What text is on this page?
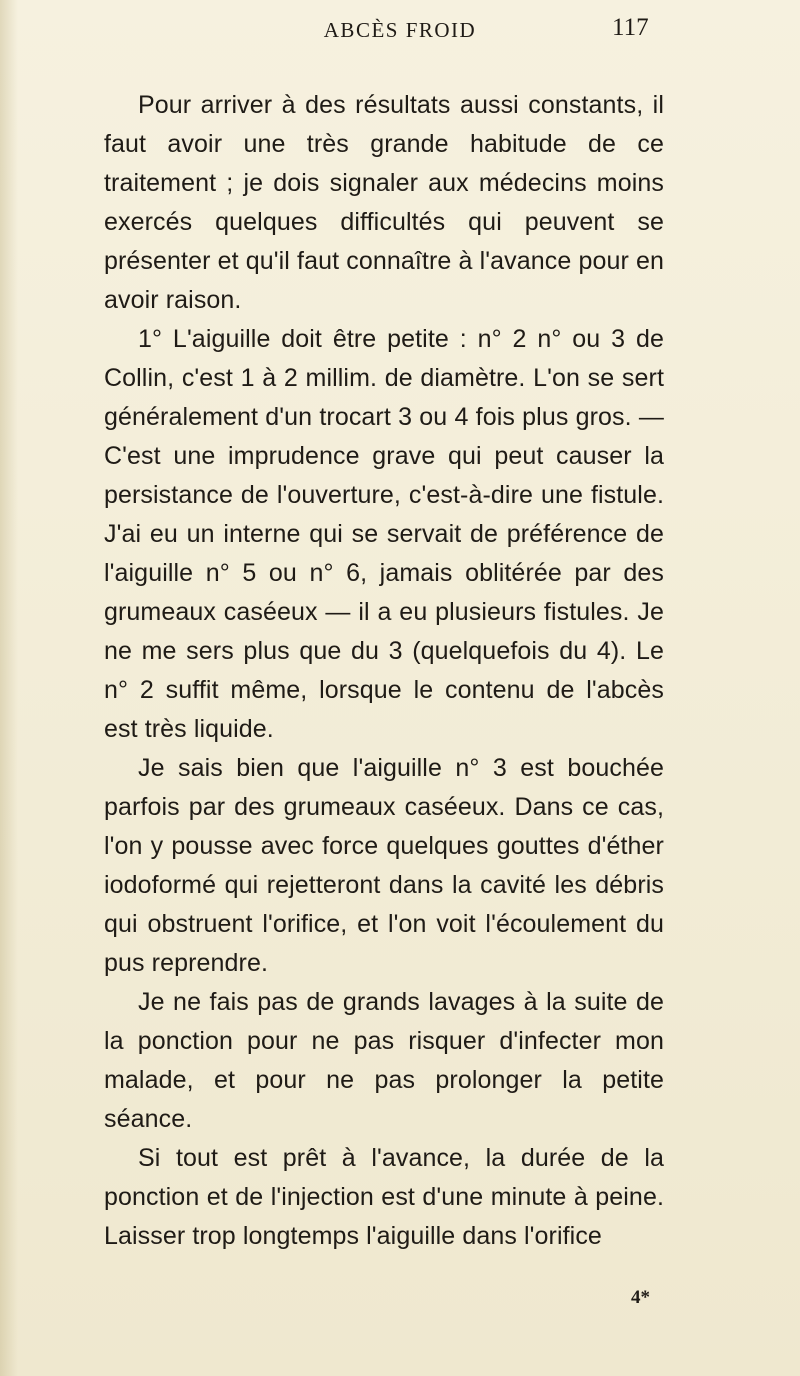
ABCÈS FROID	117

Pour arriver à des résultats aussi constants, il faut avoir une très grande habitude de ce traitement ; je dois signaler aux médecins moins exercés quelques difficultés qui peuvent se présenter et qu'il faut connaître à l'avance pour en avoir raison.

1° L'aiguille doit être petite : n° 2 n° ou 3 de Collin, c'est 1 à 2 millim. de diamètre. L'on se sert généralement d'un trocart 3 ou 4 fois plus gros. — C'est une imprudence grave qui peut causer la persistance de l'ouverture, c'est-à-dire une fistule. J'ai eu un interne qui se servait de préférence de l'aiguille n° 5 ou n° 6, jamais oblitérée par des grumeaux caséeux — il a eu plusieurs fistules. Je ne me sers plus que du 3 (quelquefois du 4). Le n° 2 suffit même, lorsque le contenu de l'abcès est très liquide.

Je sais bien que l'aiguille n° 3 est bouchée parfois par des grumeaux caséeux. Dans ce cas, l'on y pousse avec force quelques gouttes d'éther iodoformé qui rejetteront dans la cavité les débris qui obstruent l'orifice, et l'on voit l'écoulement du pus reprendre.

Je ne fais pas de grands lavages à la suite de la ponction pour ne pas risquer d'infecter mon malade, et pour ne pas prolonger la petite séance.

Si tout est prêt à l'avance, la durée de la ponction et de l'injection est d'une minute à peine. Laisser trop longtemps l'aiguille dans l'orifice

4*
